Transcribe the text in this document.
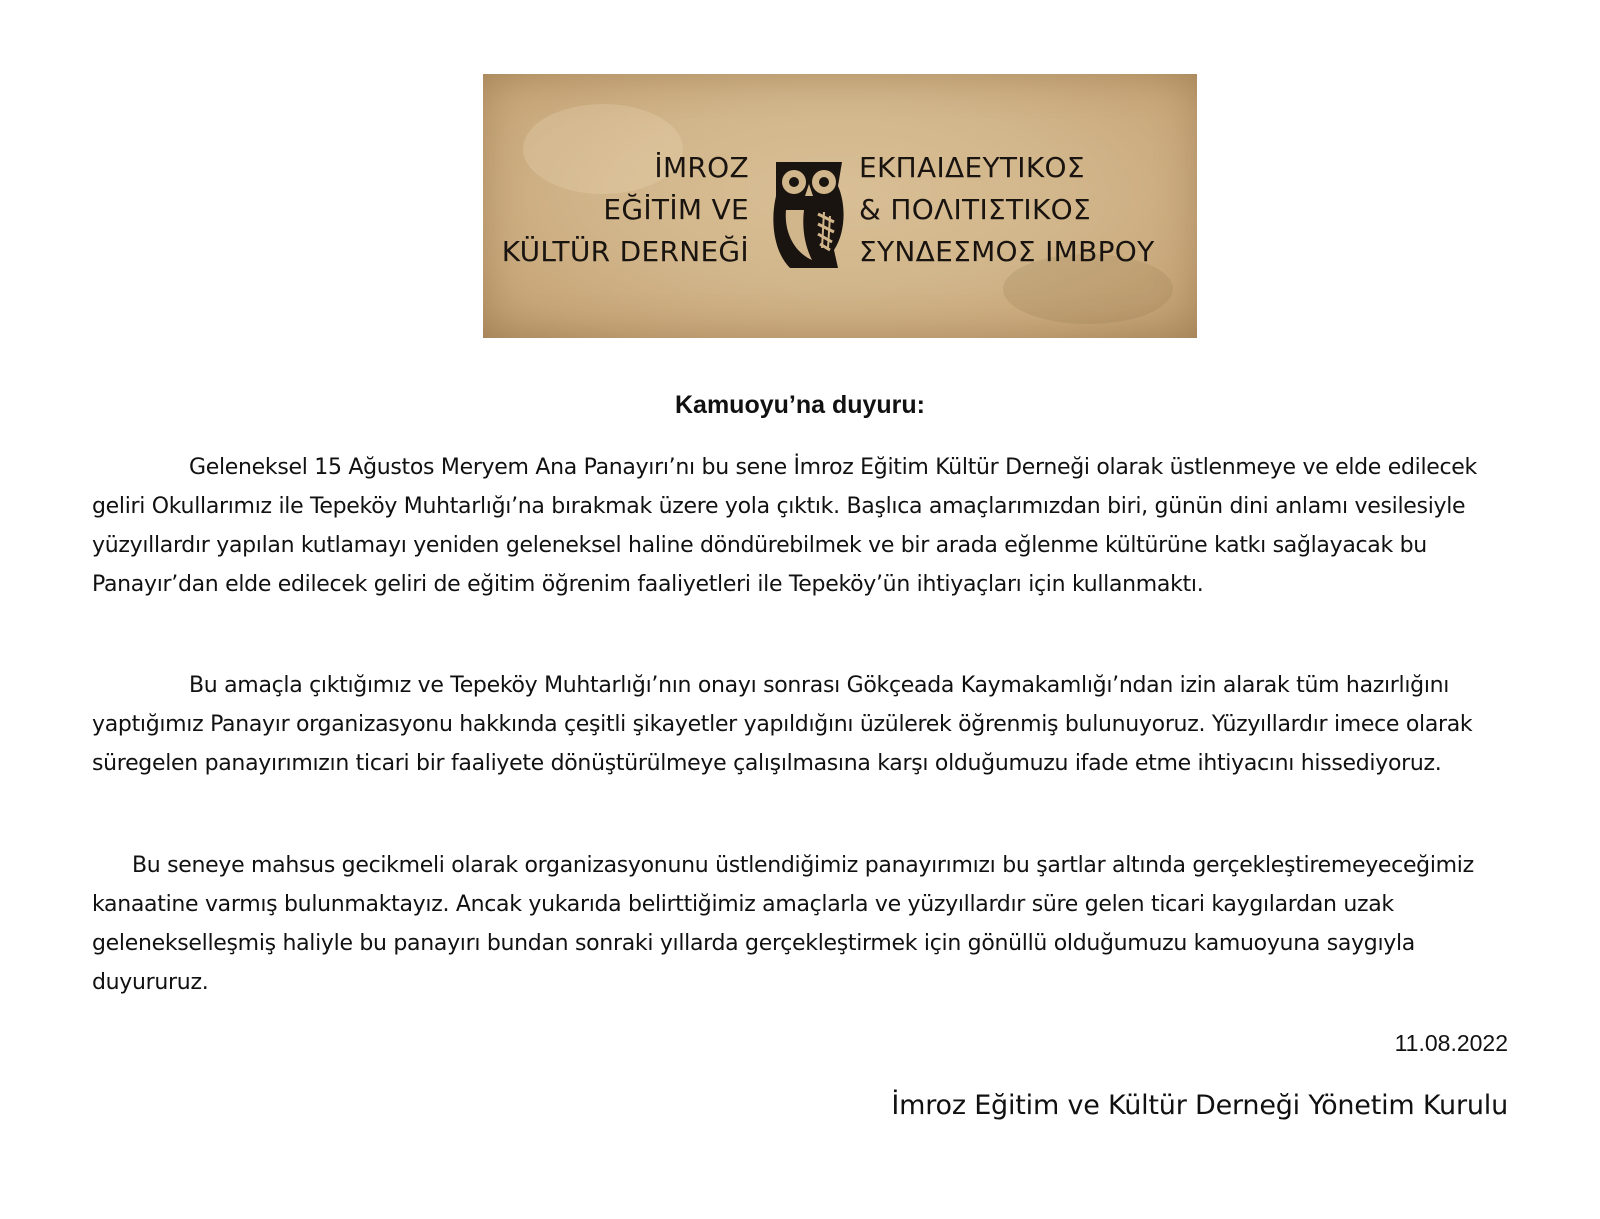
İMROZ
EĞİTİM VE
KÜLTÜR DERNEĞİ
ΕΚΠΑΙΔΕΥΤΙΚΟΣ
& ΠΟΛΙΤΙΣΤΙΚΟΣ
ΣΥΝΔΕΣΜΟΣ ΙΜΒΡΟΥ
Kamuoyu’na duyuru:

Geleneksel 15 Ağustos Meryem Ana Panayırı’nı bu sene İmroz Eğitim Kültür Derneği olarak üstlenmeye ve elde edilecek geliri Okullarımız ile Tepeköy Muhtarlığı’na bırakmak üzere yola çıktık. Başlıca amaçlarımızdan biri, günün dini anlamı vesilesiyle yüzyıllardır yapılan kutlamayı yeniden geleneksel haline döndürebilmek ve bir arada eğlenme kültürüne katkı sağlayacak bu Panayır’dan elde edilecek geliri de eğitim öğrenim faaliyetleri ile Tepeköy’ün ihtiyaçları için kullanmaktı.

Bu amaçla çıktığımız ve Tepeköy Muhtarlığı’nın onayı sonrası Gökçeada Kaymakamlığı’ndan izin alarak tüm hazırlığını yaptığımız Panayır organizasyonu hakkında çeşitli şikayetler yapıldığını üzülerek öğrenmiş bulunuyoruz. Yüzyıllardır imece olarak süregelen panayırımızın ticari bir faaliyete dönüştürülmeye çalışılmasına karşı olduğumuzu ifade etme ihtiyacını hissediyoruz.

Bu seneye mahsus gecikmeli olarak organizasyonunu üstlendiğimiz panayırımızı bu şartlar altında gerçekleştiremeyeceğimiz kanaatine varmış bulunmaktayız. Ancak yukarıda belirttiğimiz amaçlarla ve yüzyıllardır süre gelen ticari kaygılardan uzak gelenekselleşmiş haliyle bu panayırı bundan sonraki yıllarda gerçekleştirmek için gönüllü olduğumuzu kamuoyuna saygıyla duyururuz.

11.08.2022
İmroz Eğitim ve Kültür Derneği Yönetim Kurulu
